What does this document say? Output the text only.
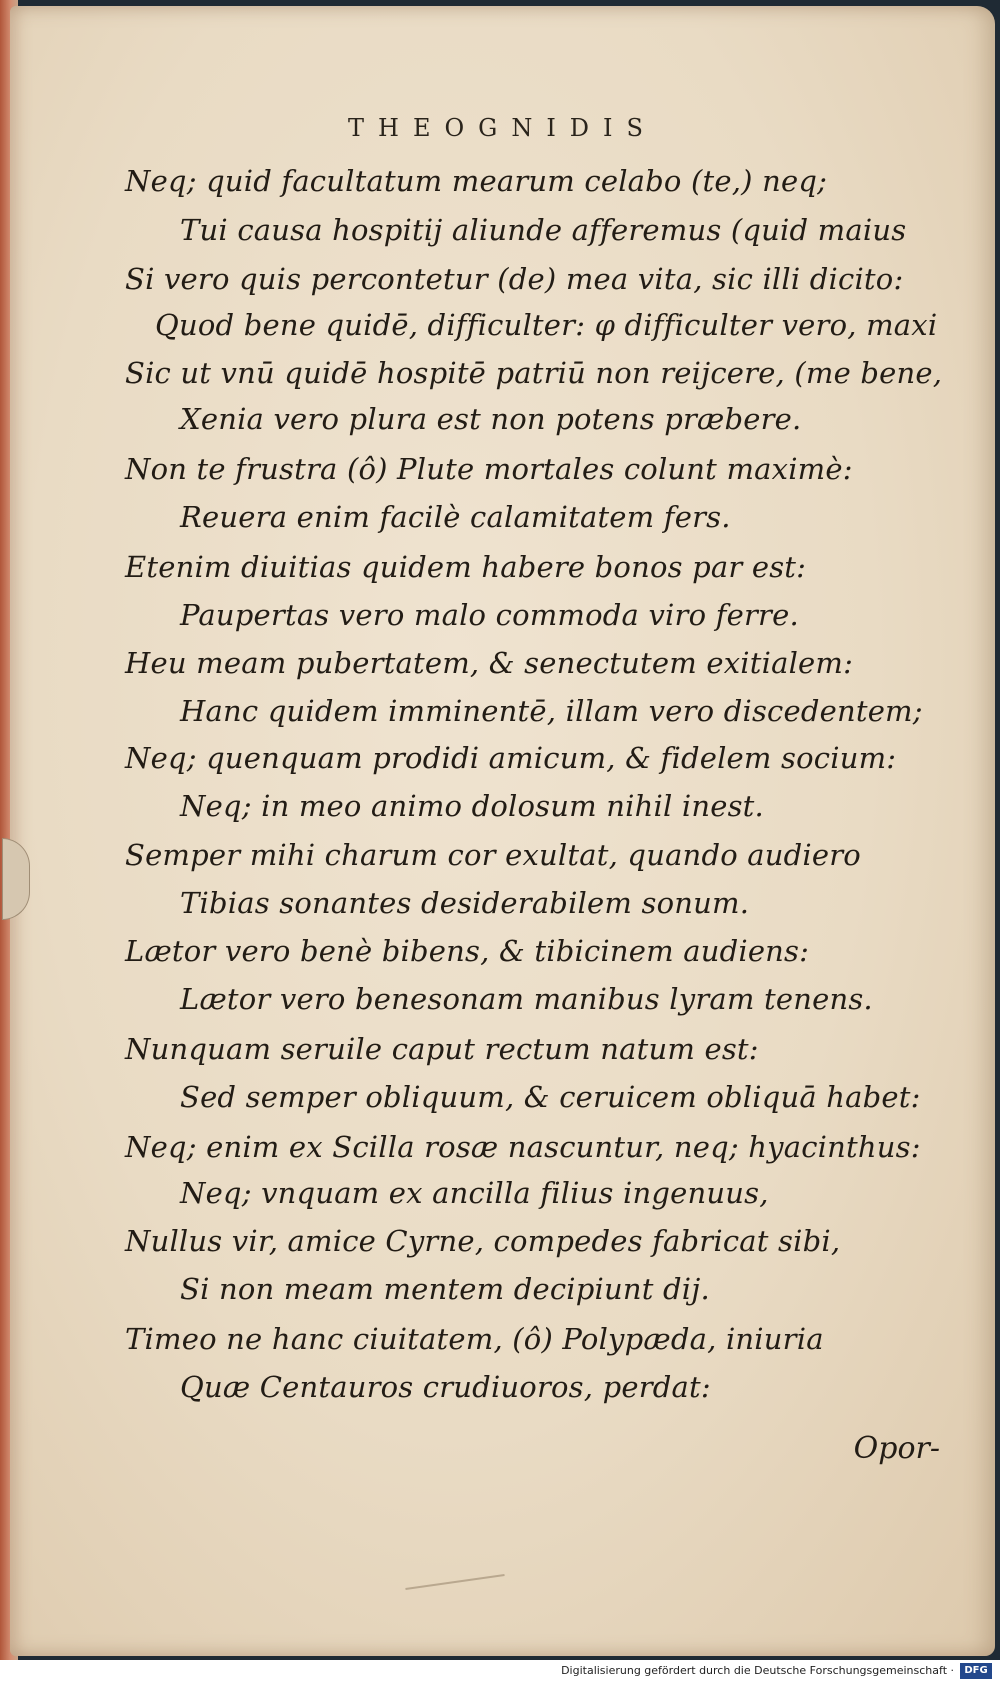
THEOGNIDIS
Neq; quid facultatum mearum celabo (te,) neq;
Tui causa hospitij aliunde afferemus (quid maius
Si vero quis percontetur (de) mea vita, sic illi dicito:
Quod bene quidē, difficulter: φ difficulter vero, maxi
Sic ut vnū quidē hospitē patriū non reijcere, (me bene,
Xenia vero plura est non potens præbere.
Non te frustra (ô) Plute mortales colunt maximè:
Reuera enim facilè calamitatem fers.
Etenim diuitias quidem habere bonos par est:
Paupertas vero malo commoda viro ferre.
Heu meam pubertatem, & senectutem exitialem:
Hanc quidem imminentē, illam vero discedentem;
Neq; quenquam prodidi amicum, & fidelem socium:
Neq; in meo animo dolosum nihil inest.
Semper mihi charum cor exultat, quando audiero
Tibias sonantes desiderabilem sonum.
Lætor vero benè bibens, & tibicinem audiens:
Lætor vero benesonam manibus lyram tenens.
Nunquam seruile caput rectum natum est:
Sed semper obliquum, & ceruicem obliquā habet:
Neq; enim ex Scilla rosæ nascuntur, neq; hyacinthus:
Neq; vnquam ex ancilla filius ingenuus,
Nullus vir, amice Cyrne, compedes fabricat sibi,
Si non meam mentem decipiunt dij.
Timeo ne hanc ciuitatem, (ô) Polypæda, iniuria
Quæ Centauros crudiuoros, perdat:
Opor-
Digitalisierung gefördert durch die Deutsche Forschungsgemeinschaft ·	DFG
